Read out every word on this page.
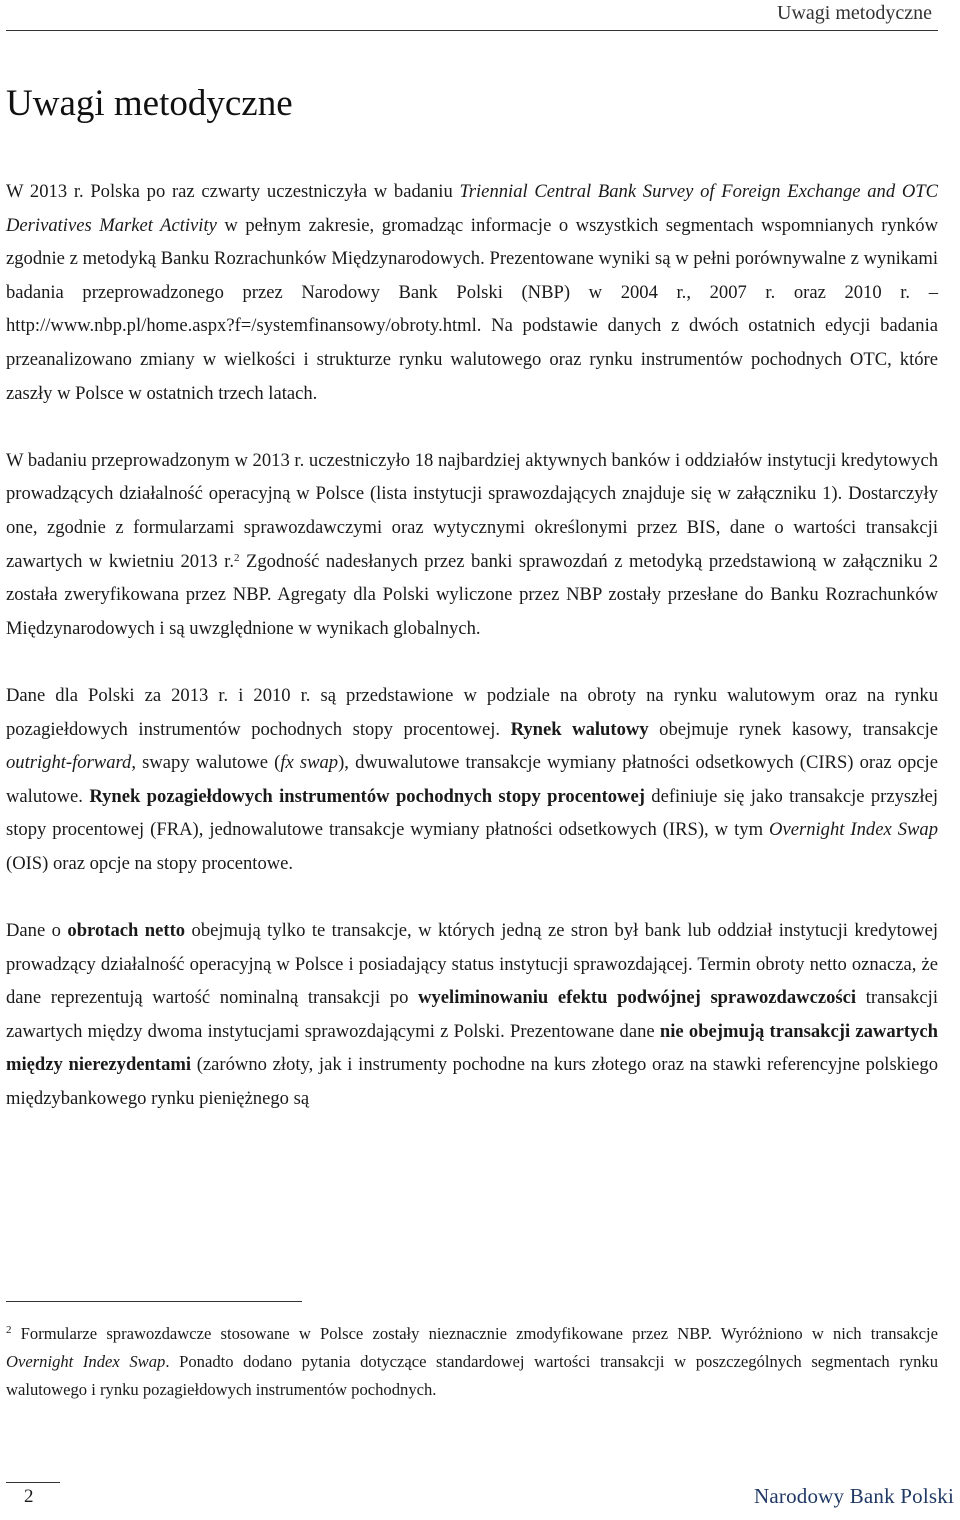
Uwagi metodyczne
Uwagi metodyczne

W 2013 r. Polska po raz czwarty uczestniczyła w badaniu Triennial Central Bank Survey of Foreign Exchange and OTC Derivatives Market Activity w pełnym zakresie, gromadząc informacje o wszystkich segmentach wspomnianych rynków zgodnie z metodyką Banku Rozrachunków Międzynarodowych. Prezentowane wyniki są w pełni porównywalne z wynikami badania przeprowadzonego przez Narodowy Bank Polski (NBP) w 2004 r., 2007 r. oraz 2010 r. – http://www.nbp.pl/home.aspx?f=/systemfinansowy/obroty.html. Na podstawie danych z dwóch ostatnich edycji badania przeanalizowano zmiany w wielkości i strukturze rynku walutowego oraz rynku instrumentów pochodnych OTC, które zaszły w Polsce w ostatnich trzech latach.

W badaniu przeprowadzonym w 2013 r. uczestniczyło 18 najbardziej aktywnych banków i oddziałów instytucji kredytowych prowadzących działalność operacyjną w Polsce (lista instytucji sprawozdających znajduje się w załączniku 1). Dostarczyły one, zgodnie z formularzami sprawozdawczymi oraz wytycznymi określonymi przez BIS, dane o wartości transakcji zawartych w kwietniu 2013 r.$^2$ Zgodność nadesłanych przez banki sprawozdań z metodyką przedstawioną w załączniku 2 została zweryfikowana przez NBP. Agregaty dla Polski wyliczone przez NBP zostały przesłane do Banku Rozrachunków Międzynarodowych i są uwzględnione w wynikach globalnych.

Dane dla Polski za 2013 r. i 2010 r. są przedstawione w podziale na obroty na rynku walutowym oraz na rynku pozagiełdowych instrumentów pochodnych stopy procentowej. Rynek walutowy obejmuje rynek kasowy, transakcje outright-forward, swapy walutowe (fx swap), dwuwalutowe transakcje wymiany płatności odsetkowych (CIRS) oraz opcje walutowe. Rynek pozagiełdowych instrumentów pochodnych stopy procentowej definiuje się jako transakcje przyszłej stopy procentowej (FRA), jednowalutowe transakcje wymiany płatności odsetkowych (IRS), w tym Overnight Index Swap (OIS) oraz opcje na stopy procentowe.

Dane o obrotach netto obejmują tylko te transakcje, w których jedną ze stron był bank lub oddział instytucji kredytowej prowadzący działalność operacyjną w Polsce i posiadający status instytucji sprawozdającej. Termin obroty netto oznacza, że dane reprezentują wartość nominalną transakcji po wyeliminowaniu efektu podwójnej sprawozdawczości transakcji zawartych między dwoma instytucjami sprawozdającymi z Polski. Prezentowane dane nie obejmują transakcji zawartych między nierezydentami (zarówno złoty, jak i instrumenty pochodne na kurs złotego oraz na stawki referencyjne polskiego międzybankowego rynku pieniężnego są

$^2$ Formularze sprawozdawcze stosowane w Polsce zostały nieznacznie zmodyfikowane przez NBP. Wyróżniono w nich transakcje Overnight Index Swap. Ponadto dodano pytania dotyczące standardowej wartości transakcji w poszczególnych segmentach rynku walutowego i rynku pozagiełdowych instrumentów pochodnych.

2	Narodowy Bank Polski
